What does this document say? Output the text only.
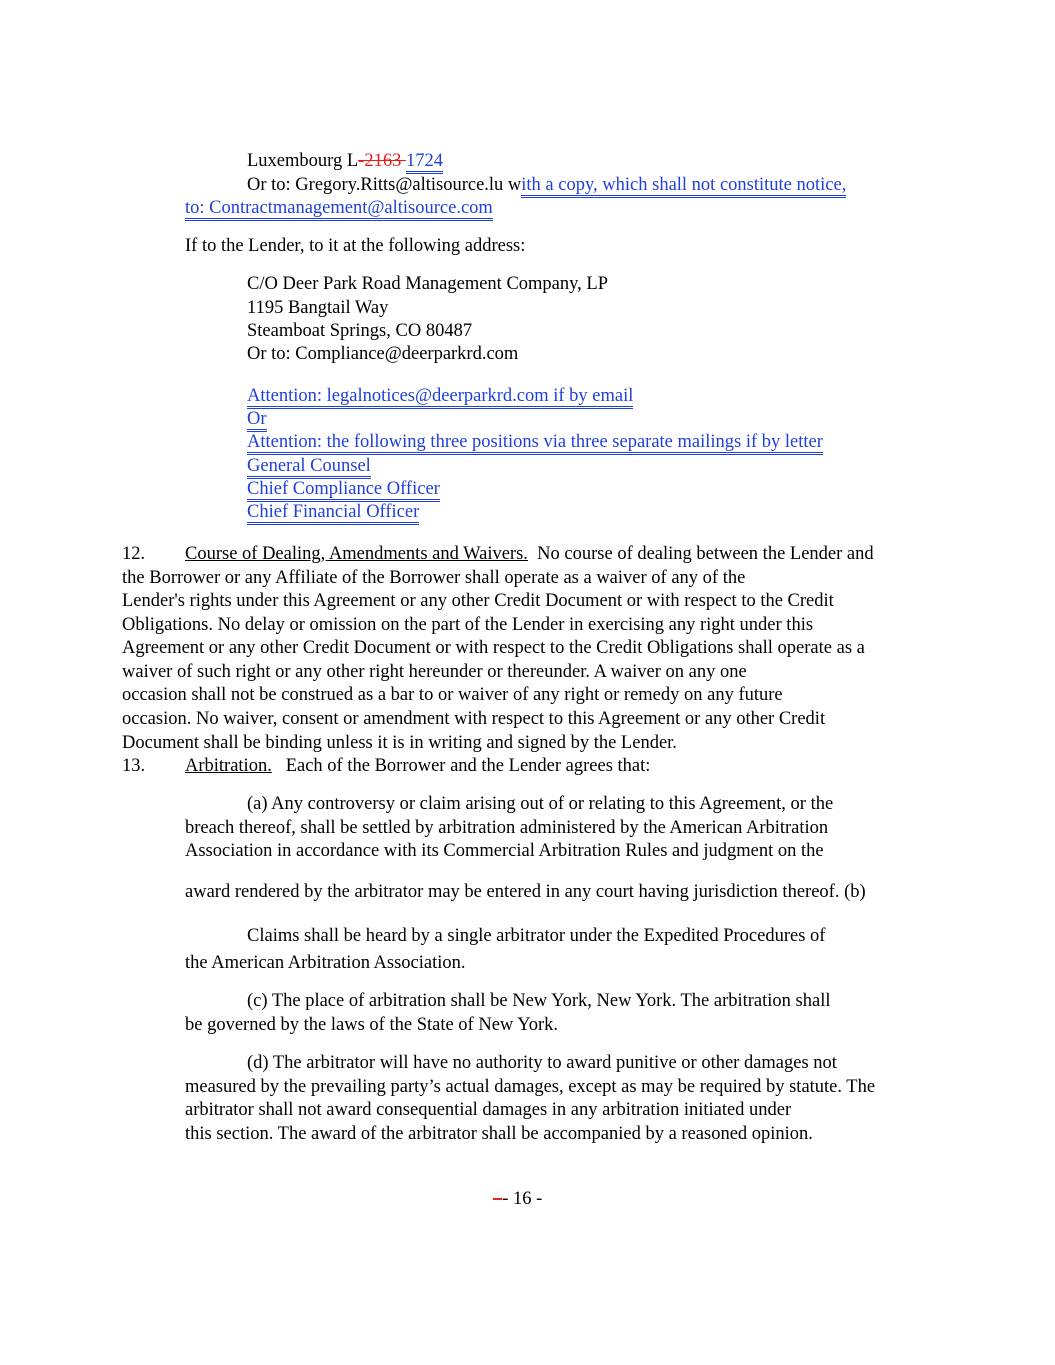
Luxembourg L-2163 1724
Or to: Gregory.Ritts@altisource.lu with a copy, which shall not constitute notice,
to: Contractmanagement@altisource.com
If to the Lender, to it at the following address:
C/O Deer Park Road Management Company, LP
1195 Bangtail Way
Steamboat Springs, CO 80487
Or to: Compliance@deerparkrd.com
Attention: legalnotices@deerparkrd.com if by email
Or
Attention: the following three positions via three separate mailings if by letter
General Counsel
Chief Compliance Officer
Chief Financial Officer
12. Course of Dealing, Amendments and Waivers. No course of dealing between the Lender and
the Borrower or any Affiliate of the Borrower shall operate as a waiver of any of the
Lender's rights under this Agreement or any other Credit Document or with respect to the Credit
Obligations. No delay or omission on the part of the Lender in exercising any right under this
Agreement or any other Credit Document or with respect to the Credit Obligations shall operate as a
waiver of such right or any other right hereunder or thereunder. A waiver on any one
occasion shall not be construed as a bar to or waiver of any right or remedy on any future
occasion. No waiver, consent or amendment with respect to this Agreement or any other Credit
Document shall be binding unless it is in writing and signed by the Lender.
13. Arbitration. Each of the Borrower and the Lender agrees that:
(a) Any controversy or claim arising out of or relating to this Agreement, or the
breach thereof, shall be settled by arbitration administered by the American Arbitration
Association in accordance with its Commercial Arbitration Rules and judgment on the
award rendered by the arbitrator may be entered in any court having jurisdiction thereof. (b)
Claims shall be heard by a single arbitrator under the Expedited Procedures of
the American Arbitration Association.
(c) The place of arbitration shall be New York, New York. The arbitration shall
be governed by the laws of the State of New York.
(d) The arbitrator will have no authority to award punitive or other damages not
measured by the prevailing party’s actual damages, except as may be required by statute. The
arbitrator shall not award consequential damages in any arbitration initiated under
this section. The award of the arbitrator shall be accompanied by a reasoned opinion.
–- 16 -
